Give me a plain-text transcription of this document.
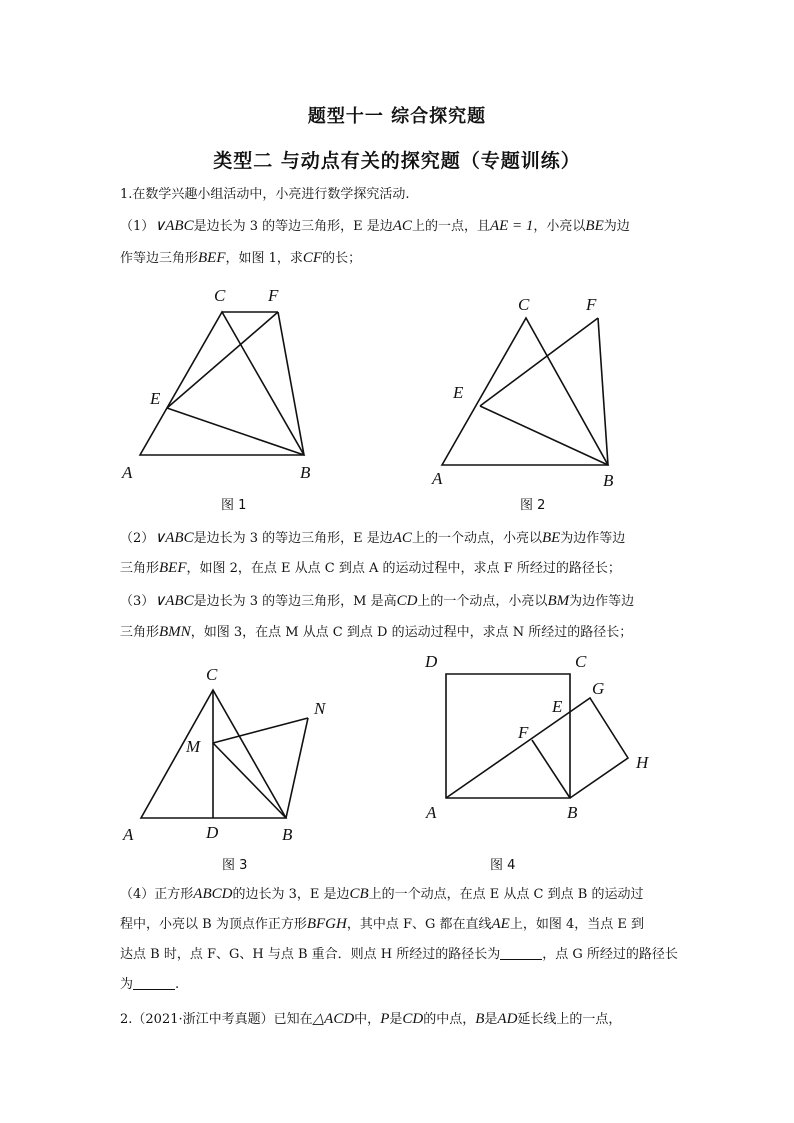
题型十一 综合探究题
类型二 与动点有关的探究题（专题训练）
1.在数学兴趣小组活动中，小亮进行数学探究活动.
（1）∨ABC是边长为 3 的等边三角形，E 是边AC上的一点，且AE = 1，小亮以BE为边
作等边三角形BEF，如图 1，求CF的长；
A	B
C	F
E
A	B
C	F
E
A	B
C
D
M
N
A	B
C
D
E
F
G
H
图 1	图 2
（2）∨ABC是边长为 3 的等边三角形，E 是边AC上的一个动点，小亮以BE为边作等边
三角形BEF，如图 2，在点 E 从点 C 到点 A 的运动过程中，求点 F 所经过的路径长；
（3）∨ABC是边长为 3 的等边三角形，M 是高CD上的一个动点，小亮以BM为边作等边
三角形BMN，如图 3，在点 M 从点 C 到点 D 的运动过程中，求点 N 所经过的路径长；
图 3	图 4
（4）正方形ABCD的边长为 3，E 是边CB上的一个动点，在点 E 从点 C 到点 B 的运动过
程中，小亮以 B 为顶点作正方形BFGH，其中点 F、G 都在直线AE上，如图 4，当点 E 到
达点 B 时，点 F、G、H 与点 B 重合．则点 H 所经过的路径长为	，点 G 所经过的路径长
为	.
2.（2021·浙江中考真题）已知在△ACD中，P是CD的中点，B是AD延长线上的一点，
